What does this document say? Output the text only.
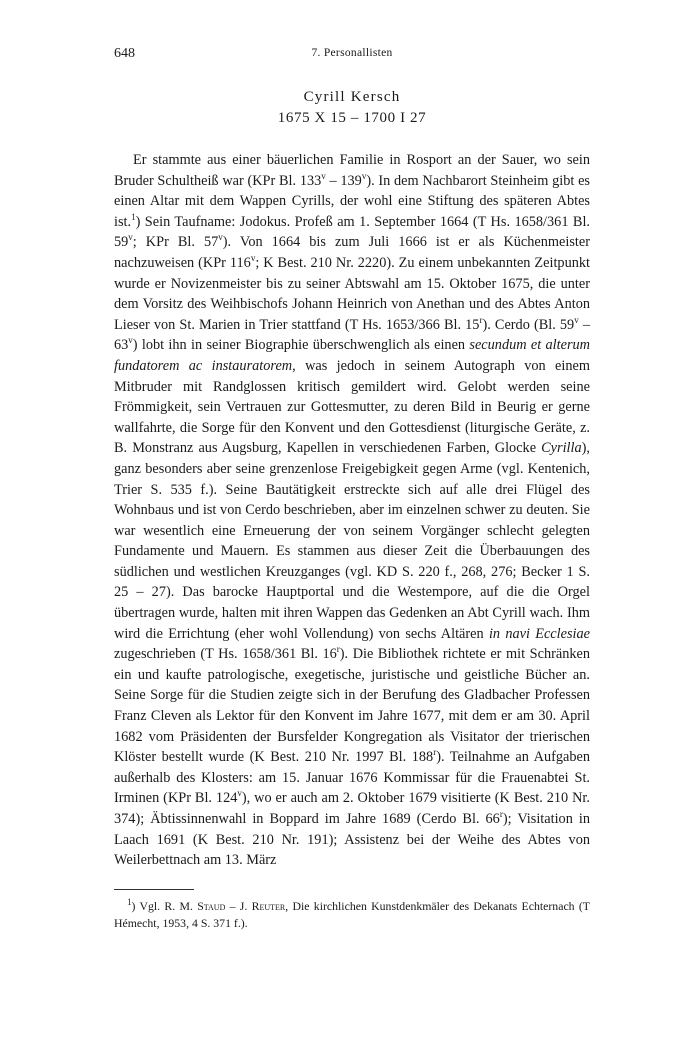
648	7. Personallisten
Cyrill Kersch
1675 X 15 – 1700 I 27

Er stammte aus einer bäuerlichen Familie in Rosport an der Sauer, wo sein Bruder Schultheiß war (KPr Bl. 133$^v$ – 139$^v$). In dem Nachbarort Steinheim gibt es einen Altar mit dem Wappen Cyrills, der wohl eine Stiftung des späteren Abtes ist.$^1$) Sein Taufname: Jodokus. Profeß am 1. September 1664 (T Hs. 1658/361 Bl. 59$^v$; KPr Bl. 57$^v$). Von 1664 bis zum Juli 1666 ist er als Küchenmeister nachzuweisen (KPr 116$^v$; K Best. 210 Nr. 2220). Zu einem unbekannten Zeitpunkt wurde er Novizenmeister bis zu seiner Abtswahl am 15. Oktober 1675, die unter dem Vorsitz des Weihbischofs Johann Heinrich von Anethan und des Abtes Anton Lieser von St. Marien in Trier stattfand (T Hs. 1653/366 Bl. 15$^r$). Cerdo (Bl. 59$^v$ – 63$^v$) lobt ihn in seiner Biographie überschwenglich als einen secundum et alterum fundatorem ac instauratorem, was jedoch in seinem Autograph von einem Mitbruder mit Randglossen kritisch gemildert wird. Gelobt werden seine Frömmigkeit, sein Vertrauen zur Gottesmutter, zu deren Bild in Beurig er gerne wallfahrte, die Sorge für den Konvent und den Gottesdienst (liturgische Geräte, z. B. Monstranz aus Augsburg, Kapellen in verschiedenen Farben, Glocke Cyrilla), ganz besonders aber seine grenzenlose Freigebigkeit gegen Arme (vgl. Kentenich, Trier S. 535 f.). Seine Bautätigkeit erstreckte sich auf alle drei Flügel des Wohnbaus und ist von Cerdo beschrieben, aber im einzelnen schwer zu deuten. Sie war wesentlich eine Erneuerung der von seinem Vorgänger schlecht gelegten Fundamente und Mauern. Es stammen aus dieser Zeit die Überbauungen des südlichen und westlichen Kreuzganges (vgl. KD S. 220 f., 268, 276; Becker 1 S. 25 – 27). Das barocke Hauptportal und die Westempore, auf die die Orgel übertragen wurde, halten mit ihren Wappen das Gedenken an Abt Cyrill wach. Ihm wird die Errichtung (eher wohl Vollendung) von sechs Altären in navi Ecclesiae zugeschrieben (T Hs. 1658/361 Bl. 16$^r$). Die Bibliothek richtete er mit Schränken ein und kaufte patrologische, exegetische, juristische und geistliche Bücher an. Seine Sorge für die Studien zeigte sich in der Berufung des Gladbacher Professen Franz Cleven als Lektor für den Konvent im Jahre 1677, mit dem er am 30. April 1682 vom Präsidenten der Bursfelder Kongregation als Visitator der trierischen Klöster bestellt wurde (K Best. 210 Nr. 1997 Bl. 188$^r$). Teilnahme an Aufgaben außerhalb des Klosters: am 15. Januar 1676 Kommissar für die Frauenabtei St. Irminen (KPr Bl. 124$^v$), wo er auch am 2. Oktober 1679 visitierte (K Best. 210 Nr. 374); Äbtissinnenwahl in Boppard im Jahre 1689 (Cerdo Bl. 66$^r$); Visitation in Laach 1691 (K Best. 210 Nr. 191); Assistenz bei der Weihe des Abtes von Weilerbettnach am 13. März

$^1$) Vgl. R. M. Staud – J. Reuter, Die kirchlichen Kunstdenkmäler des Dekanats Echternach (T Hémecht, 1953, 4 S. 371 f.).
